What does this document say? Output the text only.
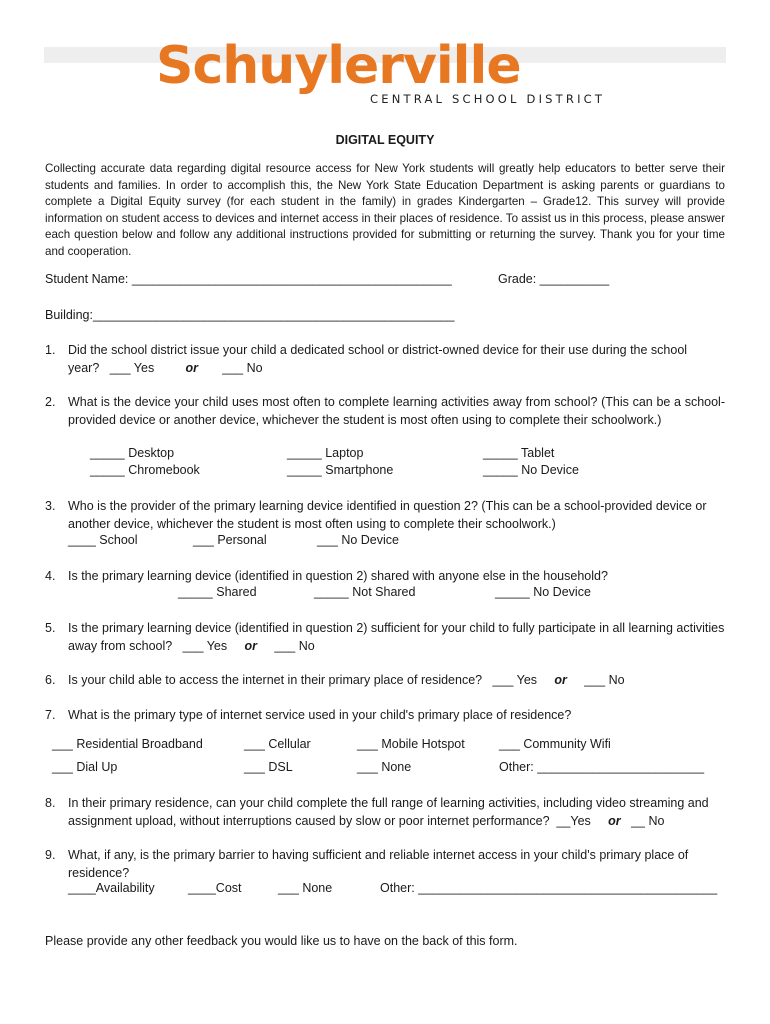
Schuylerville
CENTRAL SCHOOL DISTRICT
DIGITAL EQUITY
Collecting accurate data regarding digital resource access for New York students will greatly help educators to better serve their students and families. In order to accomplish this, the New York State Education Department is asking parents or guardians to complete a Digital Equity survey (for each student in the family) in grades Kindergarten – Grade12. This survey will provide information on student access to devices and internet access in their places of residence. To assist us in this process, please answer each question below and follow any additional instructions provided for submitting or returning the survey. Thank you for your time and cooperation.
Student Name: ______________________________________________	Grade: __________
Building:____________________________________________________
1. Did the school district issue your child a dedicated school or district-owned device for their use during the school year? ___ Yes	or ___ No
2. What is the device your child uses most often to complete learning activities away from school? (This can be a school-provided device or another device, whichever the student is most often using to complete their schoolwork.)
_____ Desktop	_____ Laptop	_____ Tablet
_____ Chromebook	_____ Smartphone	_____ No Device
3. Who is the provider of the primary learning device identified in question 2? (This can be a school-provided device or another device, whichever the student is most often using to complete their schoolwork.)
____ School	___ Personal	___ No Device
4. Is the primary learning device (identified in question 2) shared with anyone else in the household?
_____ Shared	_____ Not Shared	_____ No Device
5. Is the primary learning device (identified in question 2) sufficient for your child to fully participate in all learning activities away from school? ___ Yes or ___ No
6. Is your child able to access the internet in their primary place of residence? ___ Yes or ___ No
7. What is the primary type of internet service used in your child's primary place of residence?
___ Residential Broadband	___ Cellular	___ Mobile Hotspot	___ Community Wifi
___ Dial Up	___ DSL	___ None	Other: ________________________
8. In their primary residence, can your child complete the full range of learning activities, including video streaming and assignment upload, without interruptions caused by slow or poor internet performance? __Yes or __ No
9. What, if any, is the primary barrier to having sufficient and reliable internet access in your child's primary place of residence?
____Availability	____Cost	___ None	Other: ___________________________________________
Please provide any other feedback you would like us to have on the back of this form.
